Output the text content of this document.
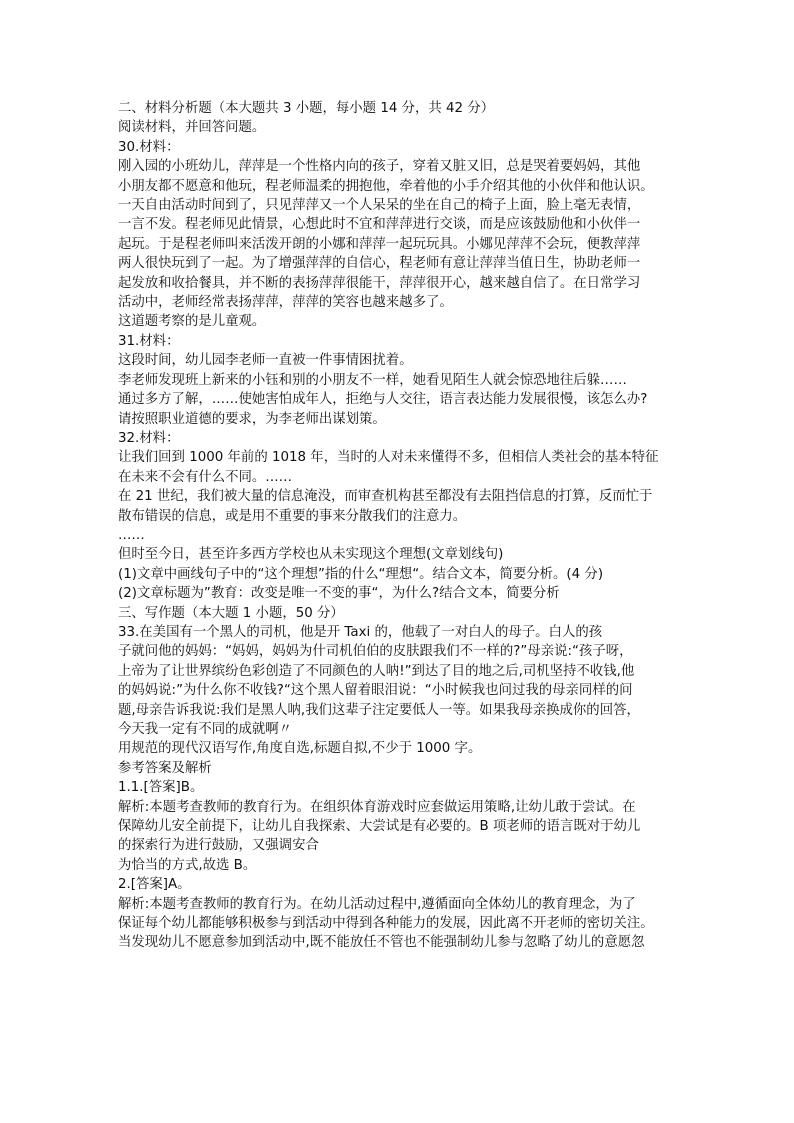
二、材料分析题（本大题共 3 小题，每小题 14 分，共 42 分）
阅读材料，并回答问题。
30.材料：
刚入园的小班幼儿，萍萍是一个性格内向的孩子，穿着又脏又旧，总是哭着要妈妈，其他
小朋友都不愿意和他玩，程老师温柔的拥抱他，牵着他的小手介绍其他的小伙伴和他认识。
一天自由活动时间到了，只见萍萍又一个人呆呆的坐在自己的椅子上面，脸上毫无表情，
一言不发。程老师见此情景，心想此时不宜和萍萍进行交谈，而是应该鼓励他和小伙伴一
起玩。于是程老师叫来活泼开朗的小娜和萍萍一起玩玩具。小娜见萍萍不会玩，便教萍萍
两人很快玩到了一起。为了增强萍萍的自信心，程老师有意让萍萍当值日生，协助老师一
起发放和收拾餐具，并不断的表扬萍萍很能干，萍萍很开心，越来越自信了。在日常学习
活动中，老师经常表扬萍萍，萍萍的笑容也越来越多了。
这道题考察的是儿童观。
31.材料：
这段时间，幼儿园李老师一直被一件事情困扰着。
李老师发现班上新来的小钰和别的小朋友不一样，她看见陌生人就会惊恐地往后躲……
通过多方了解，……使她害怕成年人，拒绝与人交往，语言表达能力发展很慢，该怎么办?
请按照职业道德的要求，为李老师出谋划策。
32.材料：
让我们回到 1000 年前的 1018 年，当时的人对未来懂得不多，但相信人类社会的基本特征
在未来不会有什么不同。……
在 21 世纪，我们被大量的信息淹没，而审查机构甚至都没有去阻挡信息的打算，反而忙于
散布错误的信息，或是用不重要的事来分散我们的注意力。
……
但时至今日，甚至许多西方学校也从未实现这个理想(文章划线句)
(1)文章中画线句子中的“这个理想”指的什么“理想“。结合文本，简要分析。(4 分)
(2)文章标题为”教育：改变是唯一不变的事“，为什么?结合文本，简要分析
三、写作题（本大题 1 小题，50 分）
33.在美国有一个黑人的司机，他是开 Taxi 的，他载了一对白人的母子。白人的孩
子就问他的妈妈：“妈妈，妈妈为什司机伯伯的皮肤跟我们不一样的?”母亲说:“孩子呀，
上帝为了让世界缤纷色彩创造了不同颜色的人呐!”到达了目的地之后,司机坚持不收钱,他
的妈妈说:”为什么你不收钱?“这个黑人留着眼泪说：“小时候我也问过我的母亲同样的问
题,母亲告诉我说:我们是黑人呐,我们这辈子注定要低人一等。如果我母亲换成你的回答，
今天我一定有不同的成就啊〃
用规范的现代汉语写作,角度自选,标题自拟,不少于 1000 字。
参考答案及解析
1.1.[答案]B。
解析:本题考查教师的教育行为。在组织体育游戏时应套做运用策略,让幼儿敢于尝试。在
保障幼儿安全前提下，让幼儿自我探索、大尝试是有必要的。B 项老师的语言既对于幼儿
的探索行为进行鼓励，又强调安合
为恰当的方式,故选 B。
2.[答案]A。
解析:本题考查教师的教育行为。在幼儿活动过程中,遵循面向全体幼儿的教育理念，为了
保证每个幼儿都能够积极参与到活动中得到各种能力的发展，因此离不开老师的密切关注。
当发现幼儿不愿意参加到活动中,既不能放任不管也不能强制幼儿参与忽略了幼儿的意愿忽
